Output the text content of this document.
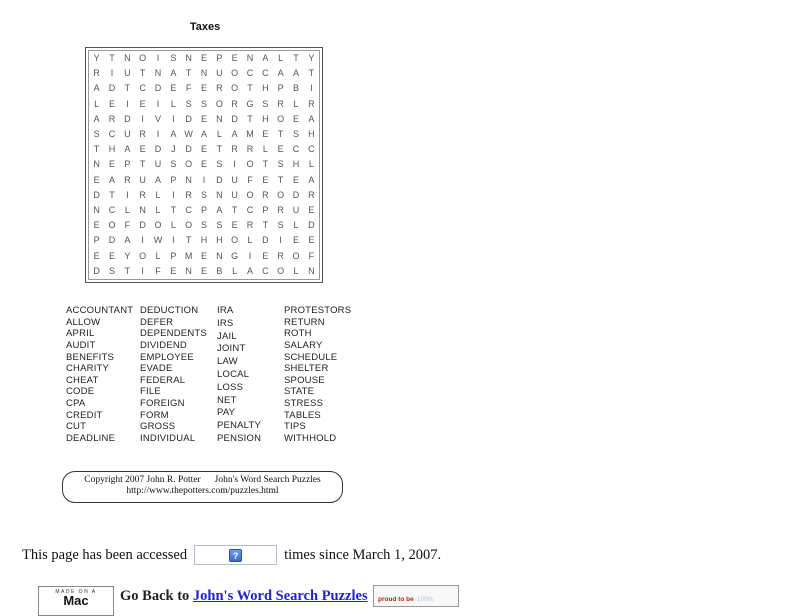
Taxes
Y	T	N O	I	S	N	E	P	E	N	A	L	T	Y
R	I	U	T	N	A	T	N U O C C	A	A	T
A	D	T	C D	E	F	E	R O	T	H	P	B	I
L	E	I	E	I	L	S	S O R G S	R	L	R
A	R D	I	V	I	D	E	N D	T	H O E	A
S	C U R	I	A W A	L	A M E	T	S	H
T	H	A	E	D	J	D	E	T	R R	L	E	C C
N	E	P	T	U	S O E	S	I	O	T	S	H	L
E	A	R U	A	P	N	I	D U	F	E	T	E	A
D	T	I	R	L	I	R	S	N U O R O D R
N C	L	N	L	T	C	P	A	T	C	P	R U	E
E O	F	D O	L	O S	S	E	R	T	S	L	D
P	D	A	I	W	I	T	H H O	L	D	I	E	E
E	E	Y O	L	P M E	N G	I	E	R O	F
D	S	T	I	F	E	N	E	B	L	A	C O	L	N
ACCOUNTANT
ALLOW
APRIL
AUDIT
BENEFITS
CHARITY
CHEAT
CODE
CPA
CREDIT
CUT
DEADLINE
DEDUCTION
DEFER
DEPENDENTS
DIVIDEND
EMPLOYEE
EVADE
FEDERAL
FILE
FOREIGN
FORM
GROSS
INDIVIDUAL
IRA
IRS
JAIL
JOINT
LAW
LOCAL
LOSS
NET
PAY
PENALTY
PENSION
PROTESTORS
RETURN
ROTH
SALARY
SCHEDULE
SHELTER
SPOUSE
STATE
STRESS
TABLES
TIPS
WITHHOLD
Copyright 2007 John R. Potter John's Word Search Puzzles
http://www.thepotters.com/puzzles.html
This page has been accessed	?	times since March 1, 2007.
MADE ON A
Mac	Go Back to John's Word Search Puzzles	proud to be 100%
